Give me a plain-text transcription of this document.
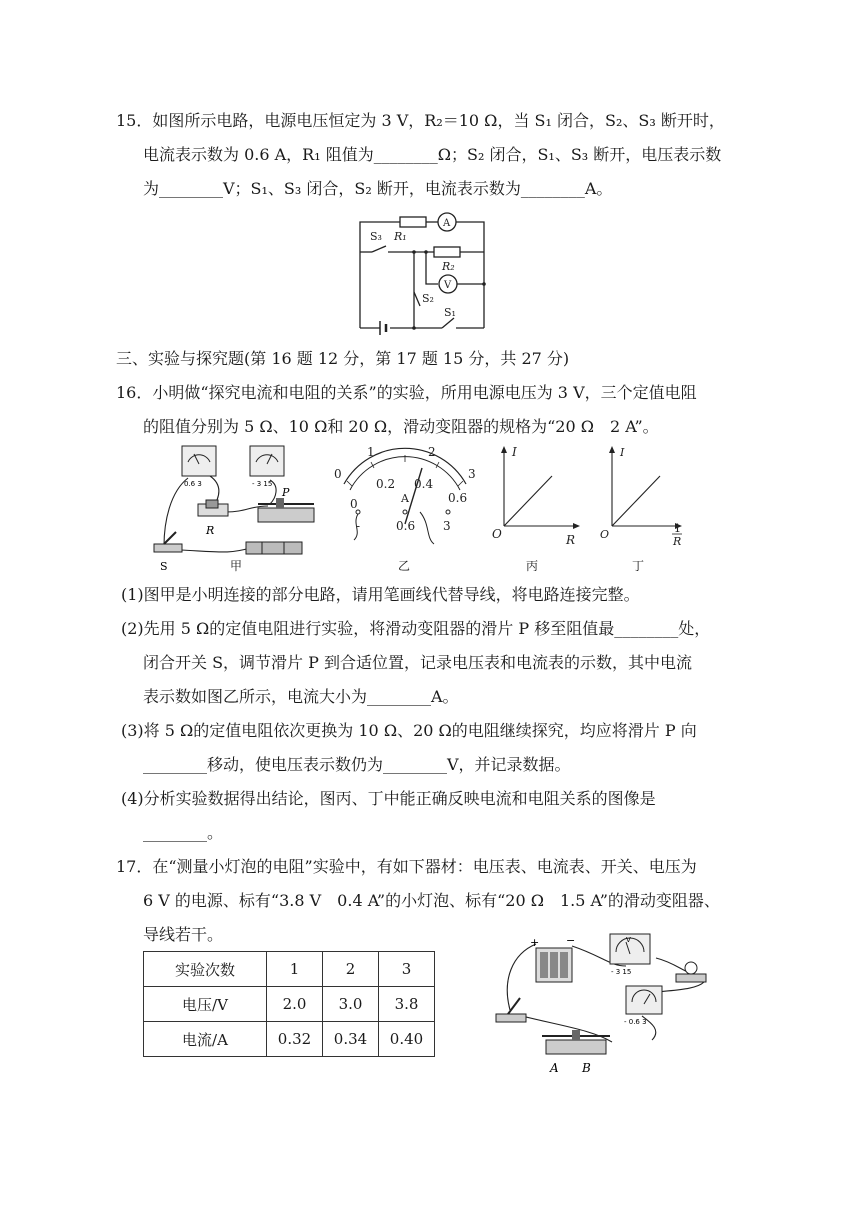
15．如图所示电路，电源电压恒定为 3 V，R₂＝10 Ω，当 S₁ 闭合，S₂、S₃ 断开时，
电流表示数为 0.6 A，R₁ 阻值为________Ω；S₂ 闭合，S₁、S₃ 断开，电压表示数
为________V；S₁、S₃ 闭合，S₂ 断开，电流表示数为________A。
S₃ R₁
R₂
S₂
S₁
A
V
三、实验与探究题(第 16 题 12 分，第 17 题 15 分，共 27 分)
16．小明做“探究电流和电阻的关系”的实验，所用电源电压为 3 V，三个定值电阻
的阻值分别为 5 Ω、10 Ω和 20 Ω，滑动变阻器的规格为“20 Ω　2 A”。
0.6 3	- 3 15
S
R
P
甲
0
1	2
3
0
0.2 0.4
0.6
A
-	0.6 3
乙
I
R
O
丙
I
1
R
O
丁
(1)图甲是小明连接的部分电路，请用笔画线代替导线，将电路连接完整。
(2)先用 5 Ω的定值电阻进行实验，将滑动变阻器的滑片 P 移至阻值最________处，
闭合开关 S，调节滑片 P 到合适位置，记录电压表和电流表的示数，其中电流
表示数如图乙所示，电流大小为________A。
(3)将 5 Ω的定值电阻依次更换为 10 Ω、20 Ω的电阻继续探究，均应将滑片 P 向
________移动，使电压表示数仍为________V，并记录数据。
(4)分析实验数据得出结论，图丙、丁中能正确反映电流和电阻关系的图像是
________。
17．在“测量小灯泡的电阻”实验中，有如下器材：电压表、电流表、开关、电压为
6 V 的电源、标有“3.8 V　0.4 A”的小灯泡、标有“20 Ω　1.5 A”的滑动变阻器、
导线若干。
实验次数	1	2	3
电压/V	2.0	3.0	3.8
电流/A	0.32	0.34	0.40
+ −	V
- 3 15
- 0.6 3
A B
